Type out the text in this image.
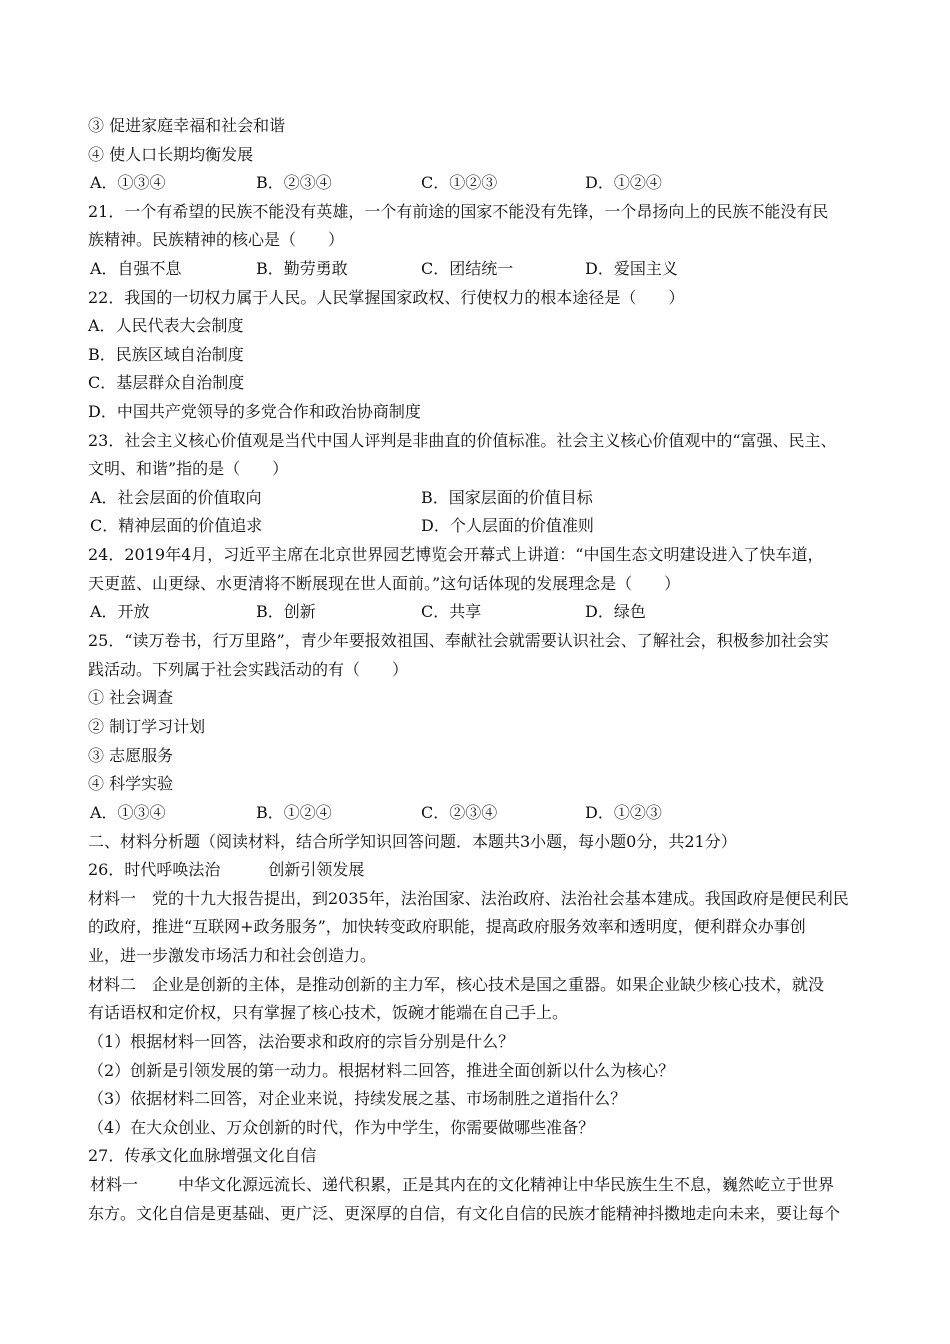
③ 促进家庭幸福和社会和谐
④ 使人口长期均衡发展
A．①③④	B．②③④	C．①②③	D．①②④
21．一个有希望的民族不能没有英雄，一个有前途的国家不能没有先锋，一个昂扬向上的民族不能没有民
族精神。民族精神的核心是（　　）
A．自强不息	B．勤劳勇敢	C．团结统一	D．爱国主义
22．我国的一切权力属于人民。人民掌握国家政权、行使权力的根本途径是（　　）
A．人民代表大会制度
B．民族区域自治制度
C．基层群众自治制度
D．中国共产党领导的多党合作和政治协商制度
23．社会主义核心价值观是当代中国人评判是非曲直的价值标准。社会主义核心价值观中的“富强、民主、
文明、和谐”指的是（　　）
A．社会层面的价值取向	B．国家层面的价值目标
C．精神层面的价值追求	D．个人层面的价值准则
24．2019年4月，习近平主席在北京世界园艺博览会开幕式上讲道：“中国生态文明建设进入了快车道，
天更蓝、山更绿、水更清将不断展现在世人面前。”这句话体现的发展理念是（　　）
A．开放	B．创新	C．共享	D．绿色
25．“读万卷书，行万里路”，青少年要报效祖国、奉献社会就需要认识社会、了解社会，积极参加社会实
践活动。下列属于社会实践活动的有（　　）
① 社会调查
② 制订学习计划
③ 志愿服务
④ 科学实验
A．①③④	B．①②④	C．②③④	D．①②③
二、材料分析题（阅读材料，结合所学知识回答问题．本题共3小题，每小题0分，共21分）
26．时代呼唤法治　　　创新引领发展
材料一　党的十九大报告提出，到2035年，法治国家、法治政府、法治社会基本建成。我国政府是便民利民
的政府，推进“互联网+政务服务”，加快转变政府职能，提高政府服务效率和透明度，便利群众办事创
业，进一步激发市场活力和社会创造力。
材料二　企业是创新的主体，是推动创新的主力军，核心技术是国之重器。如果企业缺少核心技术，就没
有话语权和定价权，只有掌握了核心技术，饭碗才能端在自己手上。
（1）根据材料一回答，法治要求和政府的宗旨分别是什么？
（2）创新是引领发展的第一动力。根据材料二回答，推进全面创新以什么为核心？
（3）依据材料二回答，对企业来说，持续发展之基、市场制胜之道指什么？
（4）在大众创业、万众创新的时代，作为中学生，你需要做哪些准备？
27．传承文化血脉增强文化自信
材料一 中华文化源远流长、递代积累，正是其内在的文化精神让中华民族生生不息，巍然屹立于世界
东方。文化自信是更基础、更广泛、更深厚的自信，有文化自信的民族才能精神抖擞地走向未来，要让每个
